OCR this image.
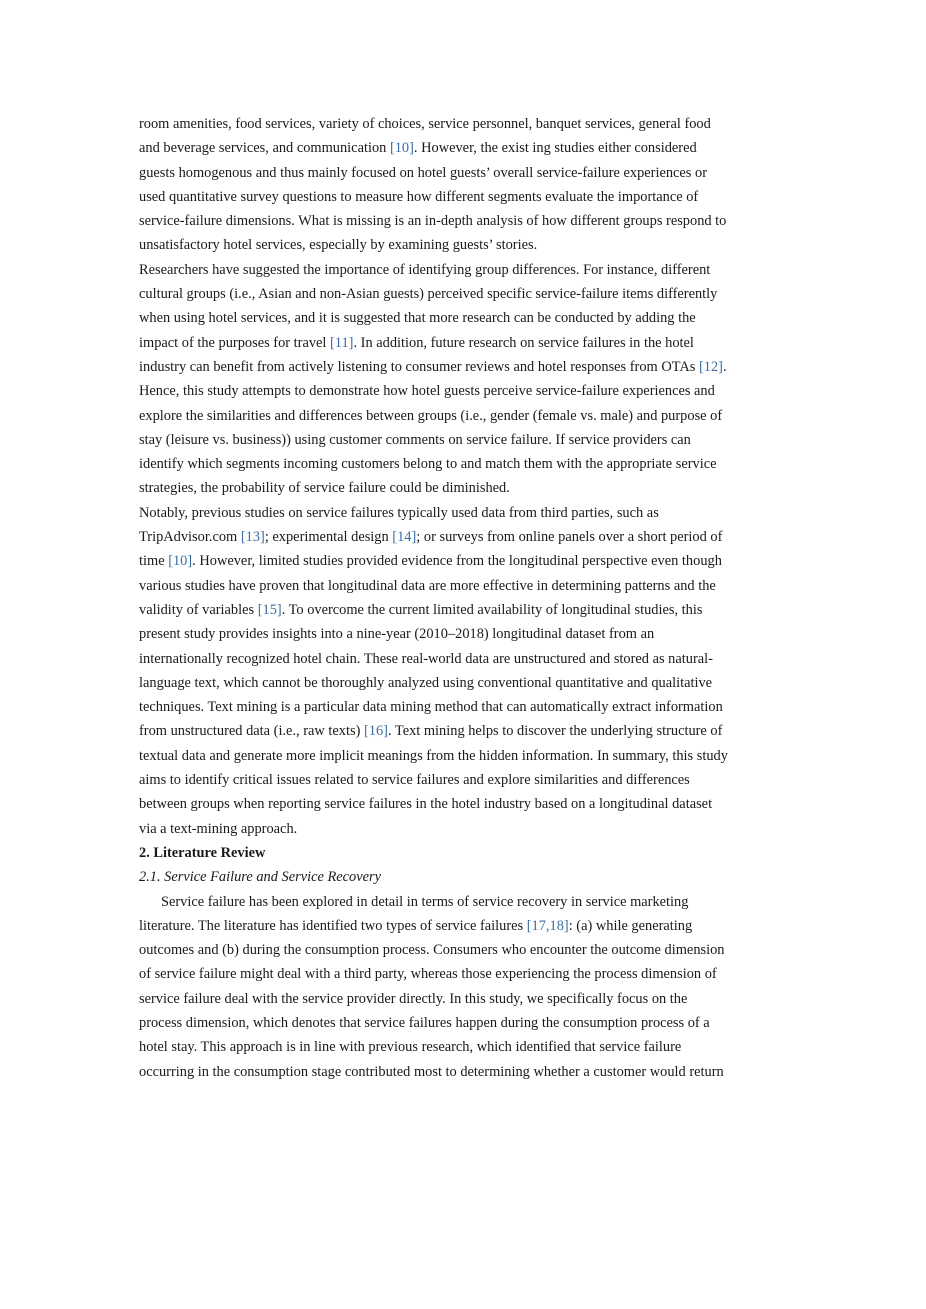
room amenities, food services, variety of choices, service personnel, banquet services, general food and beverage services, and communication [10]. However, the exist ing studies either considered guests homogenous and thus mainly focused on hotel guests’ overall service-failure experiences or used quantitative survey questions to measure how different segments evaluate the importance of service-failure dimensions. What is missing is an in-depth analysis of how different groups respond to unsatisfactory hotel services, especially by examining guests’ stories.

Researchers have suggested the importance of identifying group differences. For instance, different cultural groups (i.e., Asian and non-Asian guests) perceived specific service-failure items differently when using hotel services, and it is suggested that more research can be conducted by adding the impact of the purposes for travel [11]. In addition, future research on service failures in the hotel industry can benefit from actively listening to consumer reviews and hotel responses from OTAs [12]. Hence, this study attempts to demonstrate how hotel guests perceive service-failure experiences and explore the similarities and differences between groups (i.e., gender (female vs. male) and purpose of stay (leisure vs. business)) using customer comments on service failure. If service providers can identify which segments incoming customers belong to and match them with the appropriate service strategies, the probability of service failure could be diminished.

Notably, previous studies on service failures typically used data from third parties, such as TripAdvisor.com [13]; experimental design [14]; or surveys from online panels over a short period of time [10]. However, limited studies provided evidence from the longitudinal perspective even though various studies have proven that longitudinal data are more effective in determining patterns and the validity of variables [15]. To overcome the current limited availability of longitudinal studies, this present study provides insights into a nine-year (2010–2018) longitudinal dataset from an internationally recognized hotel chain. These real-world data are unstructured and stored as natural-language text, which cannot be thoroughly analyzed using conventional quantitative and qualitative techniques. Text mining is a particular data mining method that can automatically extract information from unstructured data (i.e., raw texts) [16]. Text mining helps to discover the underlying structure of textual data and generate more implicit meanings from the hidden information. In summary, this study aims to identify critical issues related to service failures and explore similarities and differences between groups when reporting service failures in the hotel industry based on a longitudinal dataset via a text-mining approach.

2. Literature Review
2.1. Service Failure and Service Recovery

Service failure has been explored in detail in terms of service recovery in service marketing literature. The literature has identified two types of service failures [17,18]: (a) while generating outcomes and (b) during the consumption process. Consumers who encounter the outcome dimension of service failure might deal with a third party, whereas those experiencing the process dimension of service failure deal with the service provider directly. In this study, we specifically focus on the process dimension, which denotes that service failures happen during the consumption process of a hotel stay. This approach is in line with previous research, which identified that service failure occurring in the consumption stage contributed most to determining whether a customer would return
